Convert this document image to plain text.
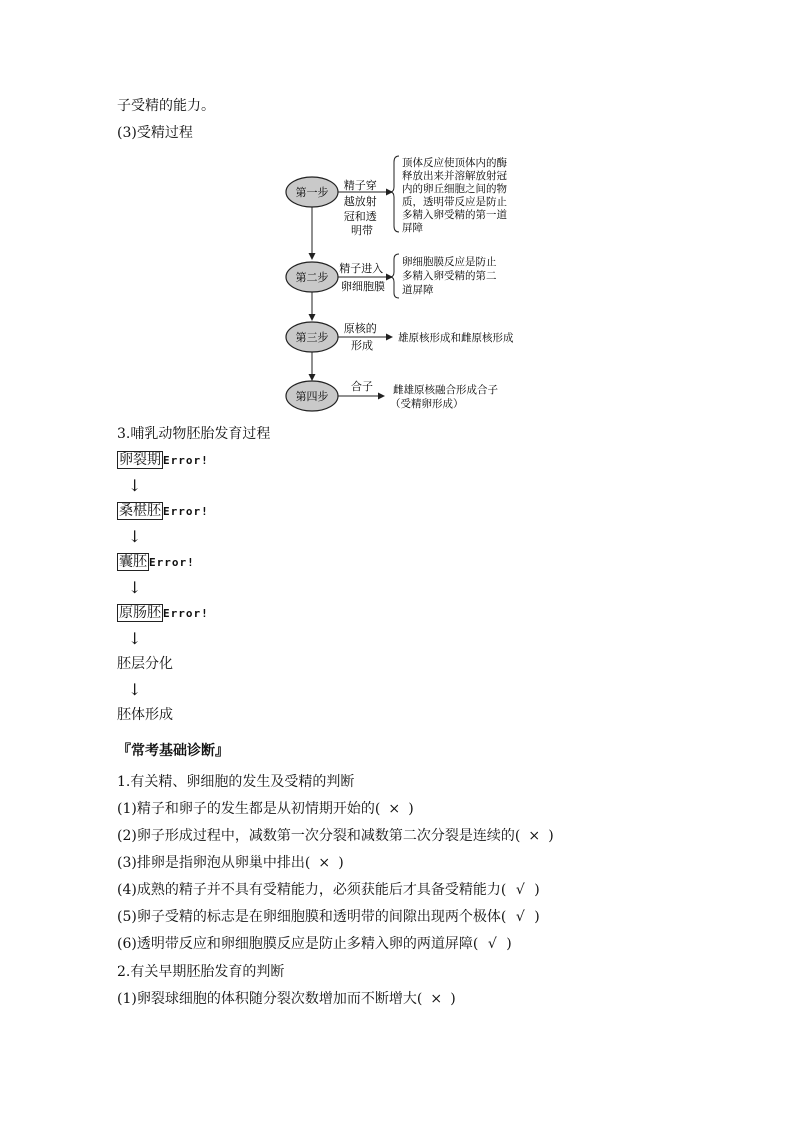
子受精的能力。
(3)受精过程
第一步
精子穿 越放射 冠和透 明带
顶体反应使顶体内的酶 释放出来并溶解放射冠 内的卵丘细胞之间的物 质，透明带反应是防止 多精入卵受精的第一道 屏障
第二步
精子进入 卵细胞膜
卵细胞膜反应是防止 多精入卵受精的第二 道屏障
第三步
原核的 形成
雄原核形成和雌原核形成
第四步
合子 雌雄原核融合形成合子 （受精卵形成）
3.哺乳动物胚胎发育过程
卵裂期 Error!
↓
桑椹胚 Error!
↓
囊胚 Error!
↓
原肠胚 Error!
↓
胚层分化
↓
胚体形成
『常考基础诊断』
1.有关精、卵细胞的发生及受精的判断
(1)精子和卵子的发生都是从初情期开始的( × )
(2)卵子形成过程中，减数第一次分裂和减数第二次分裂是连续的( × )
(3)排卵是指卵泡从卵巢中排出( × )
(4)成熟的精子并不具有受精能力，必须获能后才具备受精能力( √ )
(5)卵子受精的标志是在卵细胞膜和透明带的间隙出现两个极体( √ )
(6)透明带反应和卵细胞膜反应是防止多精入卵的两道屏障( √ )
2.有关早期胚胎发育的判断
(1)卵裂球细胞的体积随分裂次数增加而不断增大( × )
